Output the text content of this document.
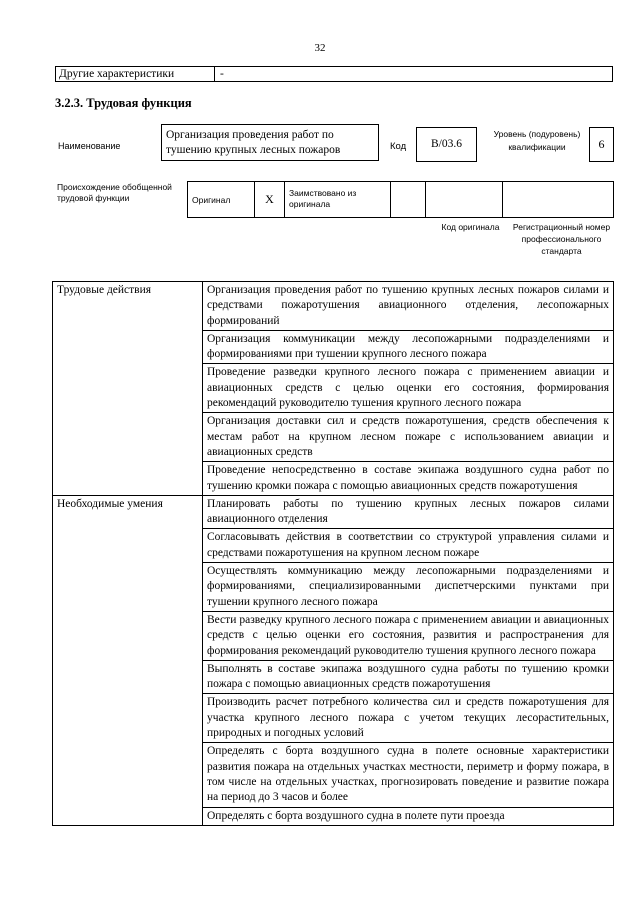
32
Другие характеристики	-
3.2.3. Трудовая функция
Наименование
Организация проведения работ по тушению крупных лесных пожаров	Код	B/03.6
Уровень (подуровень) квалификации	6
Происхождение обобщенной трудовой функции	Оригинал	X	Заимствовано из оригинала			
Код оригинала	Регистрационный номер профессионального стандарта
Трудовые действия	Организация проведения работ по тушению крупных лесных пожаров силами и средствами пожаротушения авиационного отделения, лесопожарных формирований
	Организация коммуникации между лесопожарными подразделениями и формированиями при тушении крупного лесного пожара
	Проведение разведки крупного лесного пожара с применением авиации и авиационных средств с целью оценки его состояния, формирования рекомендаций руководителю тушения крупного лесного пожара
	Организация доставки сил и средств пожаротушения, средств обеспечения к местам работ на крупном лесном пожаре с использованием авиации и авиационных средств
	Проведение непосредственно в составе экипажа воздушного судна работ по тушению кромки пожара с помощью авиационных средств пожаротушения
Необходимые умения	Планировать работы по тушению крупных лесных пожаров силами авиационного отделения
	Согласовывать действия в соответствии со структурой управления силами и средствами пожаротушения на крупном лесном пожаре
	Осуществлять коммуникацию между лесопожарными подразделениями и формированиями, специализированными диспетчерскими пунктами при тушении крупного лесного пожара
	Вести разведку крупного лесного пожара с применением авиации и авиационных средств с целью оценки его состояния, развития и распространения для формирования рекомендаций руководителю тушения крупного лесного пожара
	Выполнять в составе экипажа воздушного судна работы по тушению кромки пожара с помощью авиационных средств пожаротушения
	Производить расчет потребного количества сил и средств пожаротушения для участка крупного лесного пожара с учетом текущих лесорастительных, природных и погодных условий
	Определять с борта воздушного судна в полете основные характеристики развития пожара на отдельных участках местности, периметр и форму пожара, в том числе на отдельных участках, прогнозировать поведение и развитие пожара на период до 3 часов и более
	Определять с борта воздушного судна в полете пути проезда
